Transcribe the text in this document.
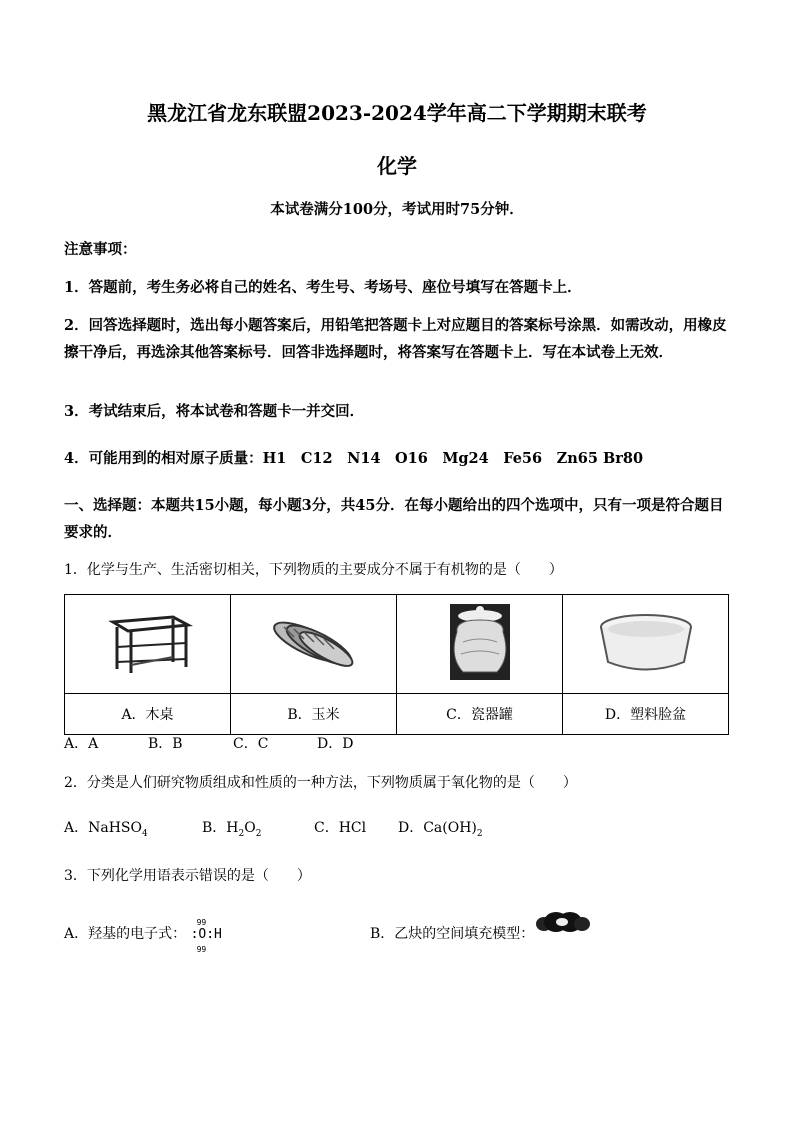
黑龙江省龙东联盟2023-2024学年高二下学期期末联考
化学
本试卷满分100分，考试用时75分钟．
注意事项：
1．答题前，考生务必将自己的姓名、考生号、考场号、座位号填写在答题卡上．
2．回答选择题时，选出每小题答案后，用铅笔把答题卡上对应题目的答案标号涂黑．如需改动，用橡皮擦干净后，再选涂其他答案标号．回答非选择题时，将答案写在答题卡上．写在本试卷上无效．
3．考试结束后，将本试卷和答题卡一并交回．
4．可能用到的相对原子质量：H1　C12　N14　O16　Mg24　Fe56　Zn65 Br80
一、选择题：本题共15小题，每小题3分，共45分．在每小题给出的四个选项中，只有一项是符合题目要求的．
1．化学与生产、生活密切相关，下列物质的主要成分不属于有机物的是（　　）

A．木桌	B．玉米	C．瓷器罐	D．塑料脸盆
A．A	B．B	C．C	D．D
2．分类是人们研究物质组成和性质的一种方法，下列物质属于氧化物的是（　　）
A．NaHSO$_4$	B．$H_2O_2$	C．HCl D．$Ca(OH)_2$
3．下列化学用语表示错误的是（　　）
A．羟基的电子式：
99
:O:H
99
B．乙炔的空间填充模型：
